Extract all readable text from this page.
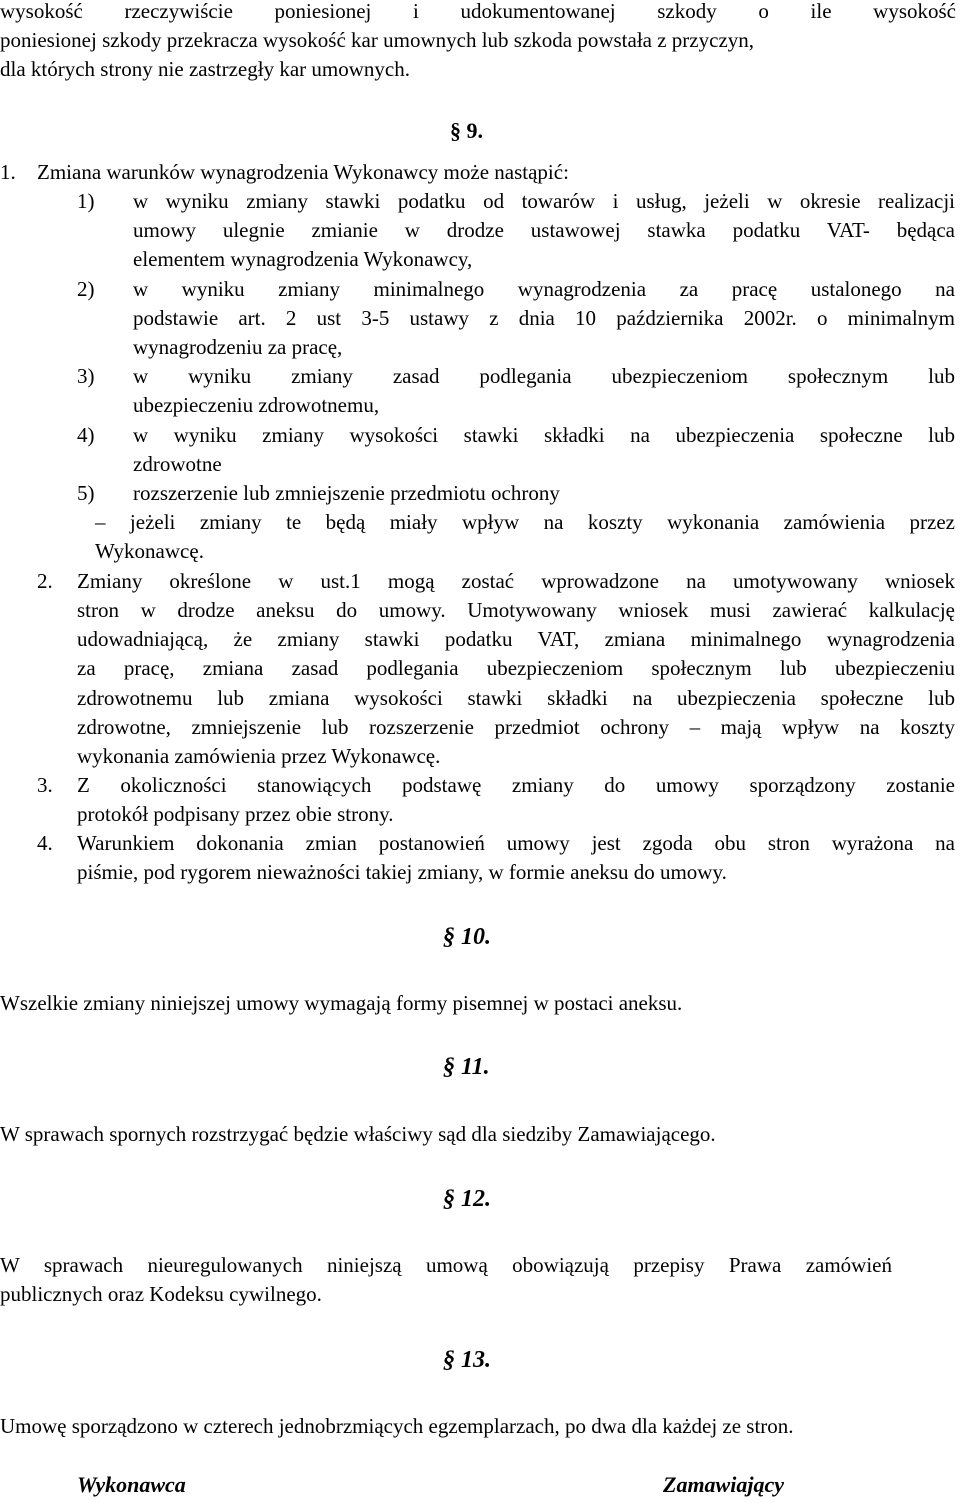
wysokość rzeczywiście poniesionej i udokumentowanej szkody o ile wysokość
poniesionej szkody przekracza wysokość kar umownych lub szkoda powstała z przyczyn,
dla których strony nie zastrzegły kar umownych.
§ 9.
1. Zmiana warunków wynagrodzenia Wykonawcy może nastąpić:
1) w wyniku zmiany stawki podatku od towarów i usług, jeżeli w okresie realizacji
umowy ulegnie zmianie w drodze ustawowej stawka podatku VAT- będąca
elementem wynagrodzenia Wykonawcy,
2) w wyniku zmiany minimalnego wynagrodzenia za pracę ustalonego na
podstawie art. 2 ust 3-5 ustawy z dnia 10 października 2002r. o minimalnym
wynagrodzeniu za pracę,
3) w wyniku zmiany zasad podlegania ubezpieczeniom społecznym lub
ubezpieczeniu zdrowotnemu,
4) w wyniku zmiany wysokości stawki składki na ubezpieczenia społeczne lub
zdrowotne
5) rozszerzenie lub zmniejszenie przedmiotu ochrony
– jeżeli zmiany te będą miały wpływ na koszty wykonania zamówienia przez
Wykonawcę.
2. Zmiany określone w ust.1 mogą zostać wprowadzone na umotywowany wniosek
stron w drodze aneksu do umowy. Umotywowany wniosek musi zawierać kalkulację
udowadniającą, że zmiany stawki podatku VAT, zmiana minimalnego wynagrodzenia
za pracę, zmiana zasad podlegania ubezpieczeniom społecznym lub ubezpieczeniu
zdrowotnemu lub zmiana wysokości stawki składki na ubezpieczenia społeczne lub
zdrowotne, zmniejszenie lub rozszerzenie przedmiot ochrony – mają wpływ na koszty
wykonania zamówienia przez Wykonawcę.
3. Z okoliczności stanowiących podstawę zmiany do umowy sporządzony zostanie
protokół podpisany przez obie strony.
4. Warunkiem dokonania zmian postanowień umowy jest zgoda obu stron wyrażona na
piśmie, pod rygorem nieważności takiej zmiany, w formie aneksu do umowy.
§ 10.
Wszelkie zmiany niniejszej umowy wymagają formy pisemnej w postaci aneksu.
§ 11.
W sprawach spornych rozstrzygać będzie właściwy sąd dla siedziby Zamawiającego.
§ 12.
W sprawach nieuregulowanych niniejszą umową obowiązują przepisy Prawa zamówień
publicznych oraz Kodeksu cywilnego.
§ 13.
Umowę sporządzono w czterech jednobrzmiących egzemplarzach, po dwa dla każdej ze stron.
Wykonawca	Zamawiający
